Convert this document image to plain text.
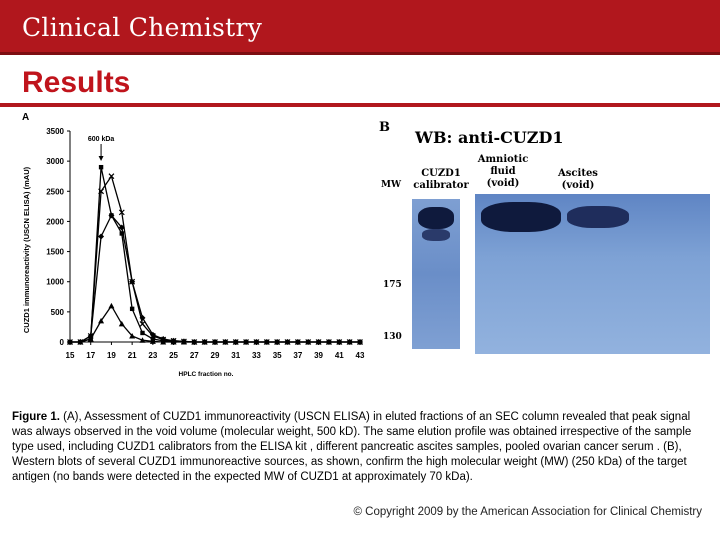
Clinical Chemistry
Results
A
CUZD1 immunoreactivity (USCN ELISA) (mAU)
HPLC fraction no.
0
500
1000
1500
2000
2500
3000
3500
15 17 19 21 23 25 27 29 31 33 35 37 39 41 43
600 kDa
B
WB: anti-CUZD1
MW
CUZD1 calibrator
Amniotic fluid (void)
Ascites (void)
175
130
Figure 1. (A), Assessment of CUZD1 immunoreactivity (USCN ELISA) in eluted fractions of an SEC column revealed that peak signal was always observed in the void volume (molecular weight, 500 kD). The same elution profile was obtained irrespective of the sample type used, including CUZD1 calibrators from the ELISA kit , different pancreatic ascites samples, pooled ovarian cancer serum . (B), Western blots of several CUZD1 immunoreactive sources, as shown, confirm the high molecular weight (MW) (250 kDa) of the target antigen (no bands were detected in the expected MW of CUZD1 at approximately 70 kDa).
© Copyright 2009 by the American Association for Clinical Chemistry
